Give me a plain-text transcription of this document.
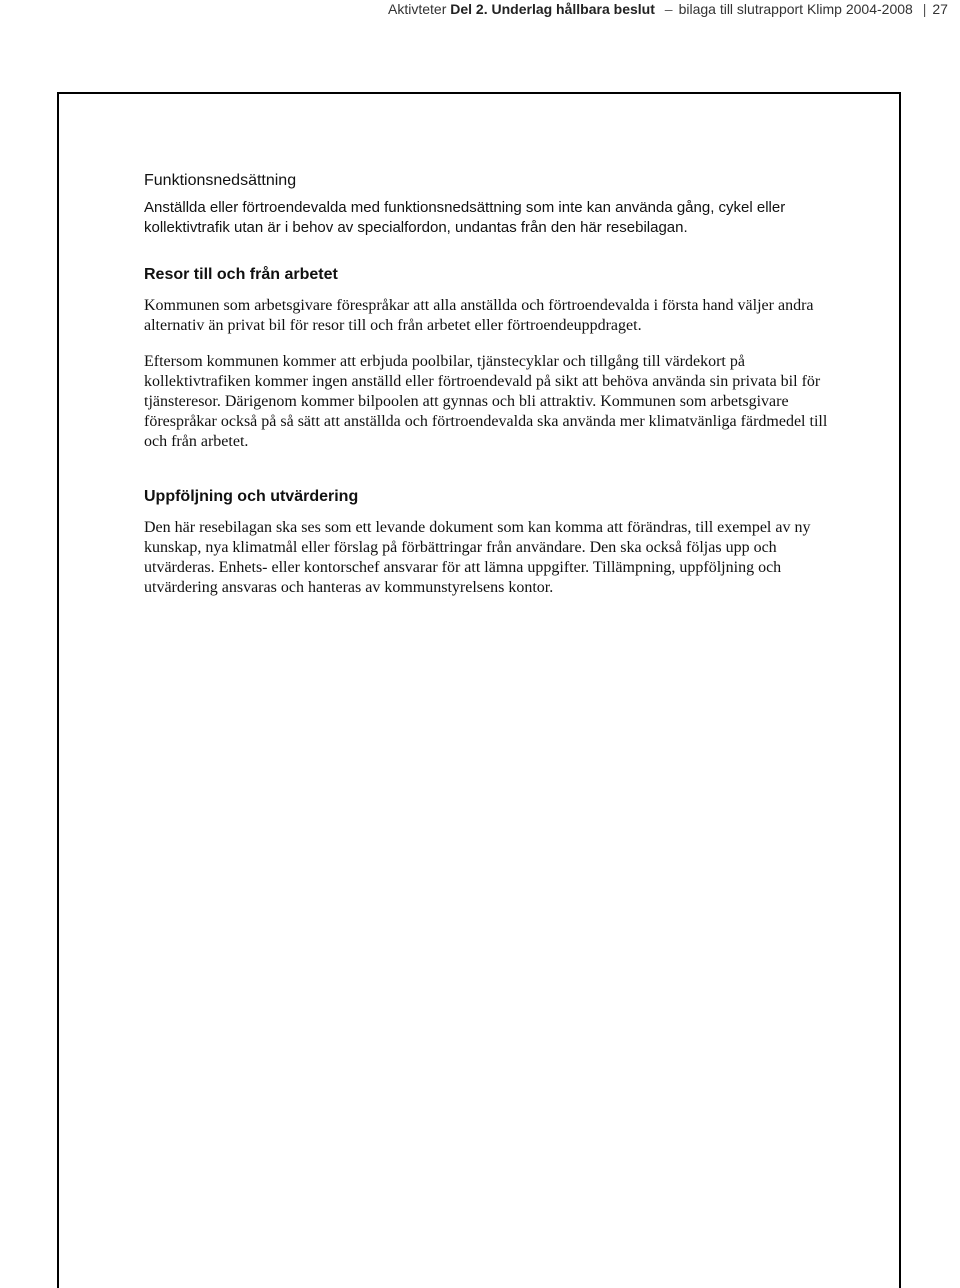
Aktivteter Del 2. Underlag hållbara beslut – bilaga till slutrapport Klimp 2004-2008 | 27
Funktionsnedsättning

Anställda eller förtroendevalda med funktionsnedsättning som inte kan använda gång, cykel eller kollektivtrafik utan är i behov av specialfordon, undantas från den här resebilagan.

Resor till och från arbetet

Kommunen som arbetsgivare förespråkar att alla anställda och förtroendevalda i första hand väljer andra alternativ än privat bil för resor till och från arbetet eller förtroendeuppdraget.

Eftersom kommunen kommer att erbjuda poolbilar, tjänstecyklar och tillgång till värdekort på kollektivtrafiken kommer ingen anställd eller förtroendevald på sikt att behöva använda sin privata bil för tjänsteresor. Därigenom kommer bilpoolen att gynnas och bli attraktiv. Kommunen som arbetsgivare förespråkar också på så sätt att anställda och förtroendevalda ska använda mer klimatvänliga färdmedel till och från arbetet.

Uppföljning och utvärdering

Den här resebilagan ska ses som ett levande dokument som kan komma att förändras, till exempel av ny kunskap, nya klimatmål eller förslag på förbättringar från användare. Den ska också följas upp och utvärderas. Enhets- eller kontorschef ansvarar för att lämna uppgifter. Tillämpning, uppföljning och utvärdering ansvaras och hanteras av kommunstyrelsens kontor.
